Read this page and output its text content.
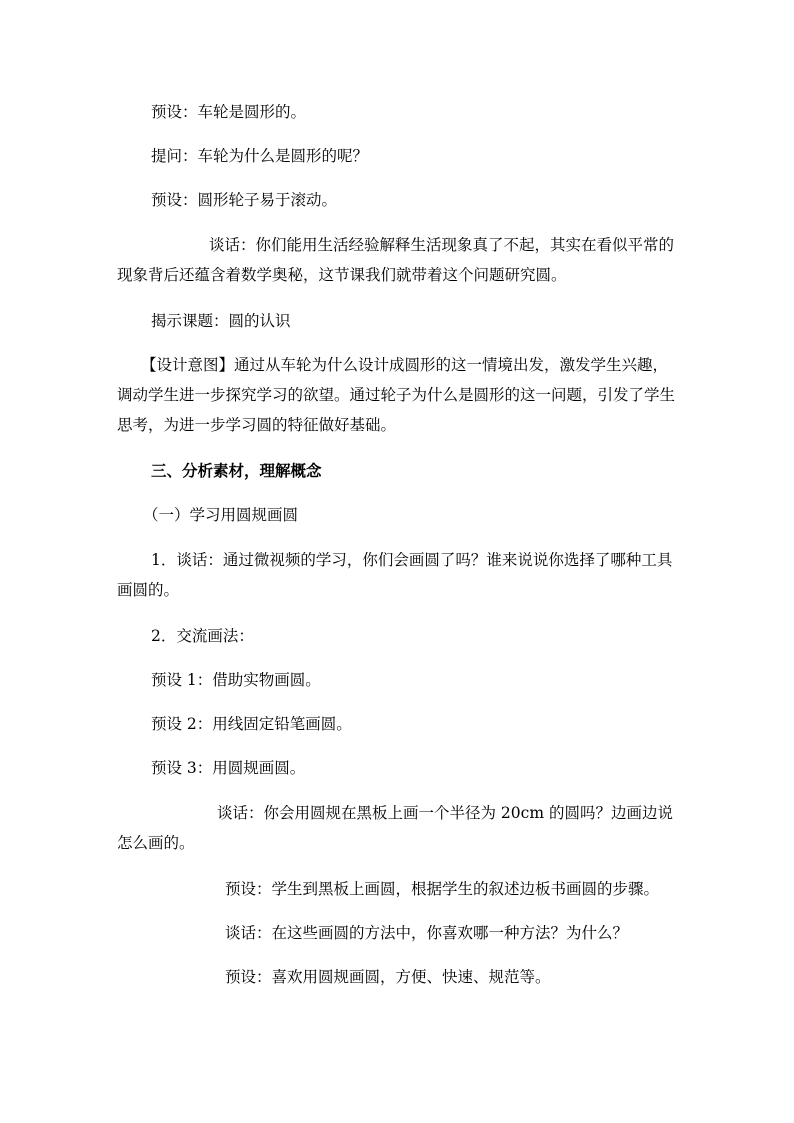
预设：车轮是圆形的。
提问：车轮为什么是圆形的呢？
预设：圆形轮子易于滚动。
谈话：你们能用生活经验解释生活现象真了不起，其实在看似平常的现象背后还蕴含着数学奥秘，这节课我们就带着这个问题研究圆。
揭示课题：圆的认识
【设计意图】通过从车轮为什么设计成圆形的这一情境出发，激发学生兴趣，调动学生进一步探究学习的欲望。通过轮子为什么是圆形的这一问题，引发了学生思考，为进一步学习圆的特征做好基础。
三、分析素材，理解概念
（一）学习用圆规画圆
1．谈话：通过微视频的学习，你们会画圆了吗？谁来说说你选择了哪种工具画圆的。
2．交流画法：
预设 1：借助实物画圆。
预设 2：用线固定铅笔画圆。
预设 3：用圆规画圆。
谈话：你会用圆规在黑板上画一个半径为 20cm 的圆吗？边画边说怎么画的。
预设：学生到黑板上画圆，根据学生的叙述边板书画圆的步骤。
谈话：在这些画圆的方法中，你喜欢哪一种方法？为什么？
预设：喜欢用圆规画圆，方便、快速、规范等。
